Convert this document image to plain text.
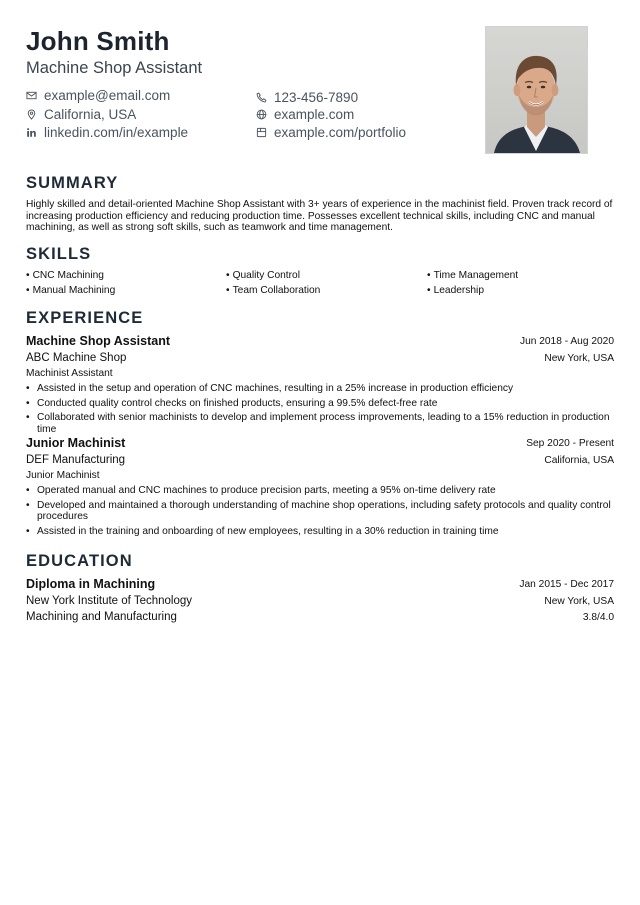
John Smith
Machine Shop Assistant
example@email.com	123-456-7890
California, USA	example.com
linkedin.com/in/example	example.com/portfolio
SUMMARY
Highly skilled and detail-oriented Machine Shop Assistant with 3+ years of experience in the machinist field. Proven track record of increasing production efficiency and reducing production time. Possesses excellent technical skills, including CNC and manual machining, as well as strong soft skills, such as teamwork and time management.
SKILLS
• CNC Machining	• Quality Control	• Time Management
• Manual Machining	• Team Collaboration	• Leadership
EXPERIENCE
Machine Shop Assistant	Jun 2018 - Aug 2020
ABC Machine Shop	New York, USA
Machinist Assistant
• Assisted in the setup and operation of CNC machines, resulting in a 25% increase in production efficiency
• Conducted quality control checks on finished products, ensuring a 99.5% defect-free rate
• Collaborated with senior machinists to develop and implement process improvements, leading to a 15% reduction in production time
Junior Machinist	Sep 2020 - Present
DEF Manufacturing	California, USA
Junior Machinist
• Operated manual and CNC machines to produce precision parts, meeting a 95% on-time delivery rate
• Developed and maintained a thorough understanding of machine shop operations, including safety protocols and quality control procedures
• Assisted in the training and onboarding of new employees, resulting in a 30% reduction in training time
EDUCATION
Diploma in Machining	Jan 2015 - Dec 2017
New York Institute of Technology	New York, USA
Machining and Manufacturing	3.8/4.0
